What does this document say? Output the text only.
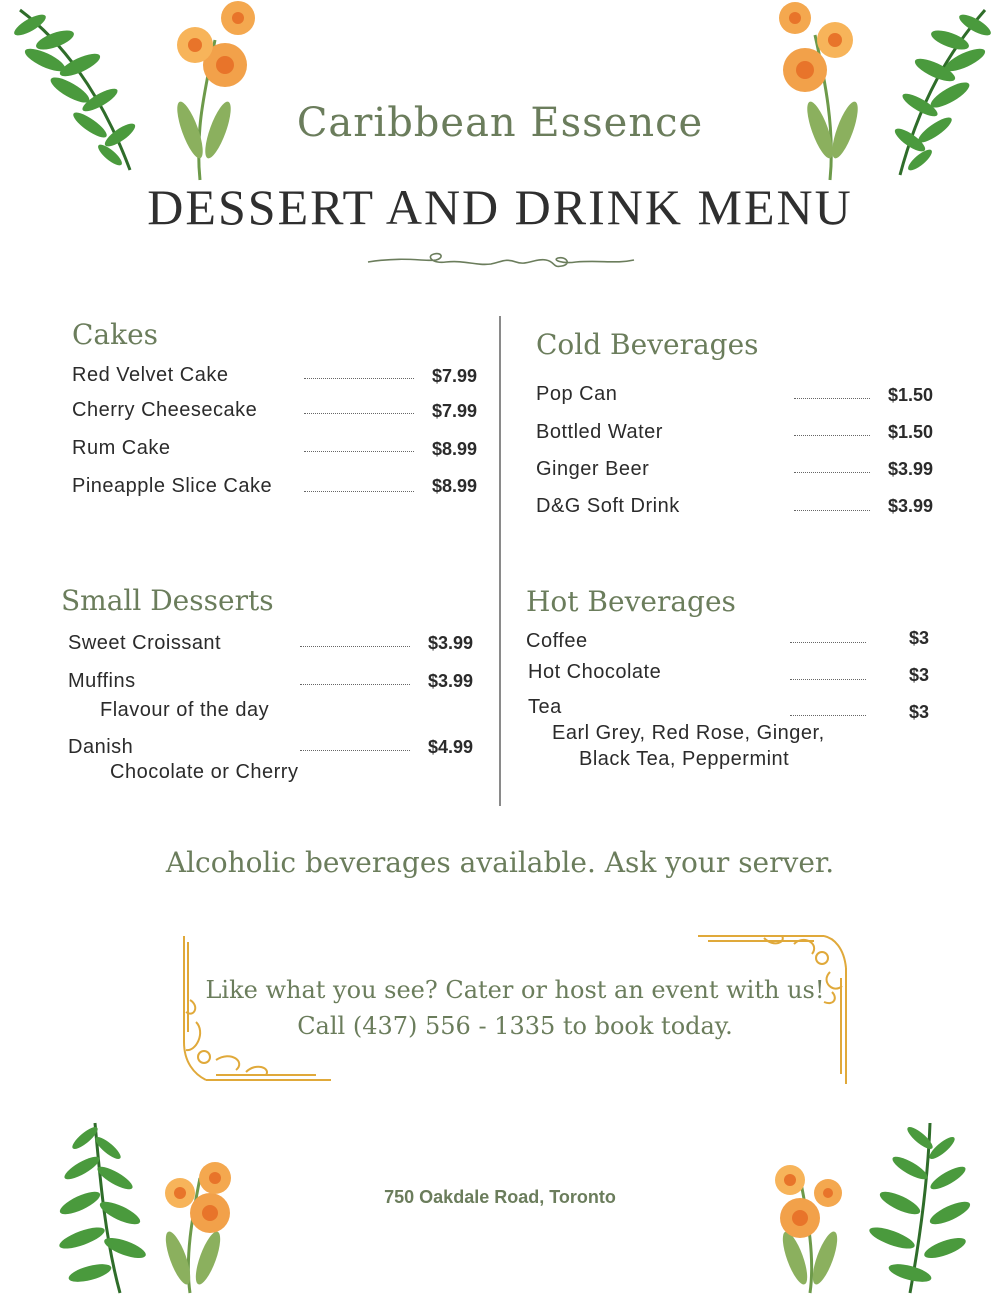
Caribbean Essence
DESSERT AND DRINK MENU
Cakes
Red Velvet Cake	$7.99
Cherry Cheesecake	$7.99
Rum Cake	$8.99
Pineapple Slice Cake	$8.99
Cold Beverages
Pop Can	$1.50
Bottled Water	$1.50
Ginger Beer	$3.99
D&G Soft Drink	$3.99
Small Desserts
Sweet Croissant	$3.99
Muffins	$3.99
Flavour of the day
Danish	$4.99
Chocolate or Cherry
Hot Beverages
Coffee	$3
Hot Chocolate	$3
Tea	$3
Earl Grey, Red Rose, Ginger,
Black Tea, Peppermint
Alcoholic beverages available. Ask your server.
Like what you see? Cater or host an event with us!
Call (437) 556 - 1335 to book today.
750 Oakdale Road, Toronto
